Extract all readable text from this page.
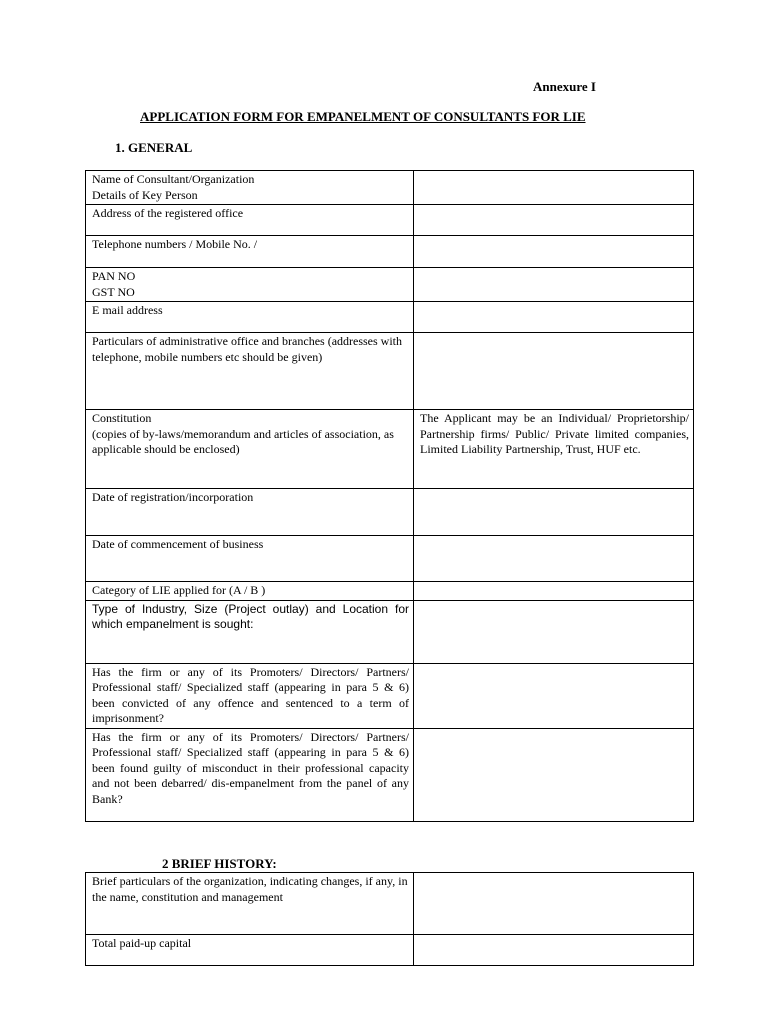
Annexure I
APPLICATION FORM FOR EMPANELMENT OF CONSULTANTS FOR LIE
1. GENERAL
Name of Consultant/Organization
Details of Key Person	

Address of the registered office	

Telephone numbers / Mobile No. /	

PAN NO
GST NO	

E mail address	

Particulars of administrative office and branches (addresses with telephone, mobile numbers etc should be given)	

Constitution
(copies of by-laws/memorandum and articles of association, as applicable should be enclosed)	The Applicant may be an Individual/ Proprietorship/ Partnership firms/ Public/ Private limited companies, Limited Liability Partnership, Trust, HUF etc.

Date of registration/incorporation	

Date of commencement of business	

Category of LIE applied for (A / B )	

Type of Industry, Size (Project outlay) and Location for which empanelment is sought:	

Has the firm or any of its Promoters/ Directors/ Partners/ Professional staff/ Specialized staff (appearing in para 5 & 6) been convicted of any offence and sentenced to a term of imprisonment?	

Has the firm or any of its Promoters/ Directors/ Partners/ Professional staff/ Specialized staff (appearing in para 5 & 6) been found guilty of misconduct in their professional capacity and not been debarred/ dis-empanelment from the panel of any Bank?	

2 BRIEF HISTORY:
Brief particulars of the organization, indicating changes, if any, in the name, constitution and management	

Total paid-up capital	
